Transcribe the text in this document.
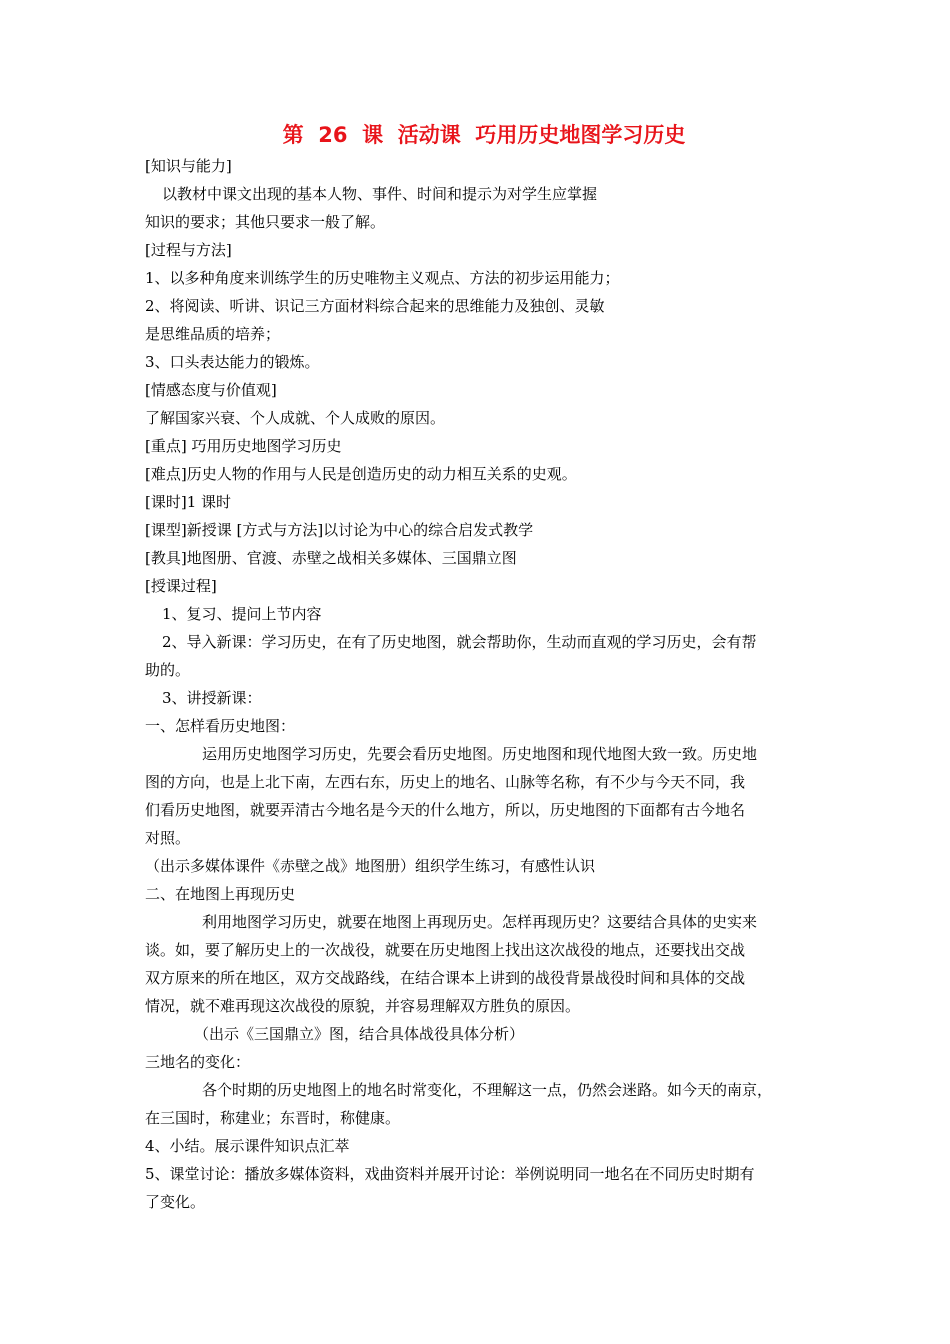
第  26  课  活动课  巧用历史地图学习历史
[知识与能力]
以教材中课文出现的基本人物、事件、时间和提示为对学生应掌握
知识的要求；其他只要求一般了解。
[过程与方法]
1、以多种角度来训练学生的历史唯物主义观点、方法的初步运用能力；
2、将阅读、听讲、识记三方面材料综合起来的思维能力及独创、灵敏
是思维品质的培养；
3、口头表达能力的锻炼。
[情感态度与价值观]
了解国家兴衰、个人成就、个人成败的原因。
[重点] 巧用历史地图学习历史
[难点]历史人物的作用与人民是创造历史的动力相互关系的史观。
[课时]1 课时
[课型]新授课 [方式与方法]以讨论为中心的综合启发式教学
[教具]地图册、官渡、赤壁之战相关多媒体、三国鼎立图
[授课过程]
1、复习、提问上节内容
2、导入新课：学习历史，在有了历史地图，就会帮助你，生动而直观的学习历史，会有帮
助的。
3、讲授新课：
一、怎样看历史地图：
运用历史地图学习历史，先要会看历史地图。历史地图和现代地图大致一致。历史地
图的方向，也是上北下南，左西右东，历史上的地名、山脉等名称，有不少与今天不同，我
们看历史地图，就要弄清古今地名是今天的什么地方，所以，历史地图的下面都有古今地名
对照。
（出示多媒体课件《赤壁之战》地图册）组织学生练习，有感性认识
二、在地图上再现历史
利用地图学习历史，就要在地图上再现历史。怎样再现历史？这要结合具体的史实来
谈。如，要了解历史上的一次战役，就要在历史地图上找出这次战役的地点，还要找出交战
双方原来的所在地区，双方交战路线，在结合课本上讲到的战役背景战役时间和具体的交战
情况，就不难再现这次战役的原貌，并容易理解双方胜负的原因。
（出示《三国鼎立》图，结合具体战役具体分析）
三地名的变化：
各个时期的历史地图上的地名时常变化，不理解这一点，仍然会迷路。如今天的南京，
在三国时，称建业；东晋时，称健康。
4、小结。展示课件知识点汇萃
5、课堂讨论：播放多媒体资料，戏曲资料并展开讨论：举例说明同一地名在不同历史时期有
了变化。
